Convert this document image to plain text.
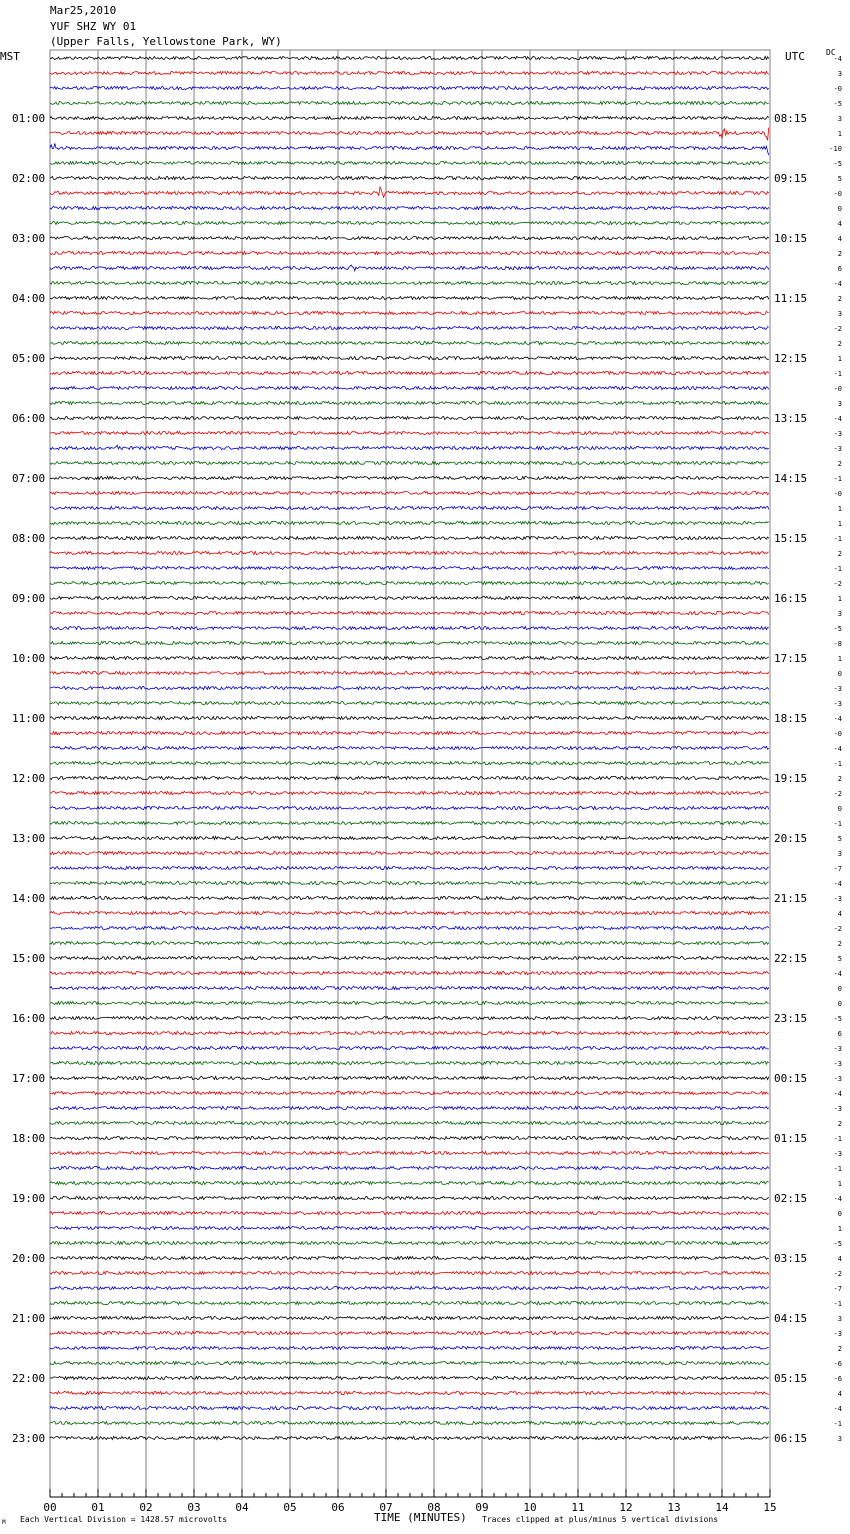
Mar25,2010
YUF SHZ WY 01
(Upper Falls, Yellowstone Park, WY)
MST	UTC	DC
-4
3
-0
-5
3
1
-10
-5
5
-0
0
4
4
2
6
-4
2
3
-2
2
1
-1
-0
3
-4
-3
-3
2
-1
-0
1
1
-1
2
-1
-2
1
3
-5
-8
1
0
-3
-3
-4
-0
-4
-1
2
-2
0
-1
5
3
-7
-4
-3
4
-2
2
5
-4
0
0
-5
6
-3
-3
-3
-4
-3
2
-1
-3
-1
1
-4
0
1
-5
4
-2
-7
-1
3
-3
2
-6
-6
4
-4
-1
3
01:00
02:00
03:00
04:00
05:00
06:00
07:00
08:00
09:00
10:00
11:00
12:00
13:00
14:00
15:00
16:00
17:00
18:00
19:00
20:00
21:00
22:00
23:00
08:15
09:15
10:15
11:15
12:15
13:15
14:15
15:15
16:15
17:15
18:15
19:15
20:15
21:15
22:15
23:15
00:15
01:15
02:15
03:15
04:15
05:15
06:15
00	01	02	03	04	05	06	07	08	09	10	11	12	13	14	15
Each Vertical Division = 1428.57 microvolts	TIME (MINUTES) Traces clipped at plus/minus 5 vertical divisions
M
